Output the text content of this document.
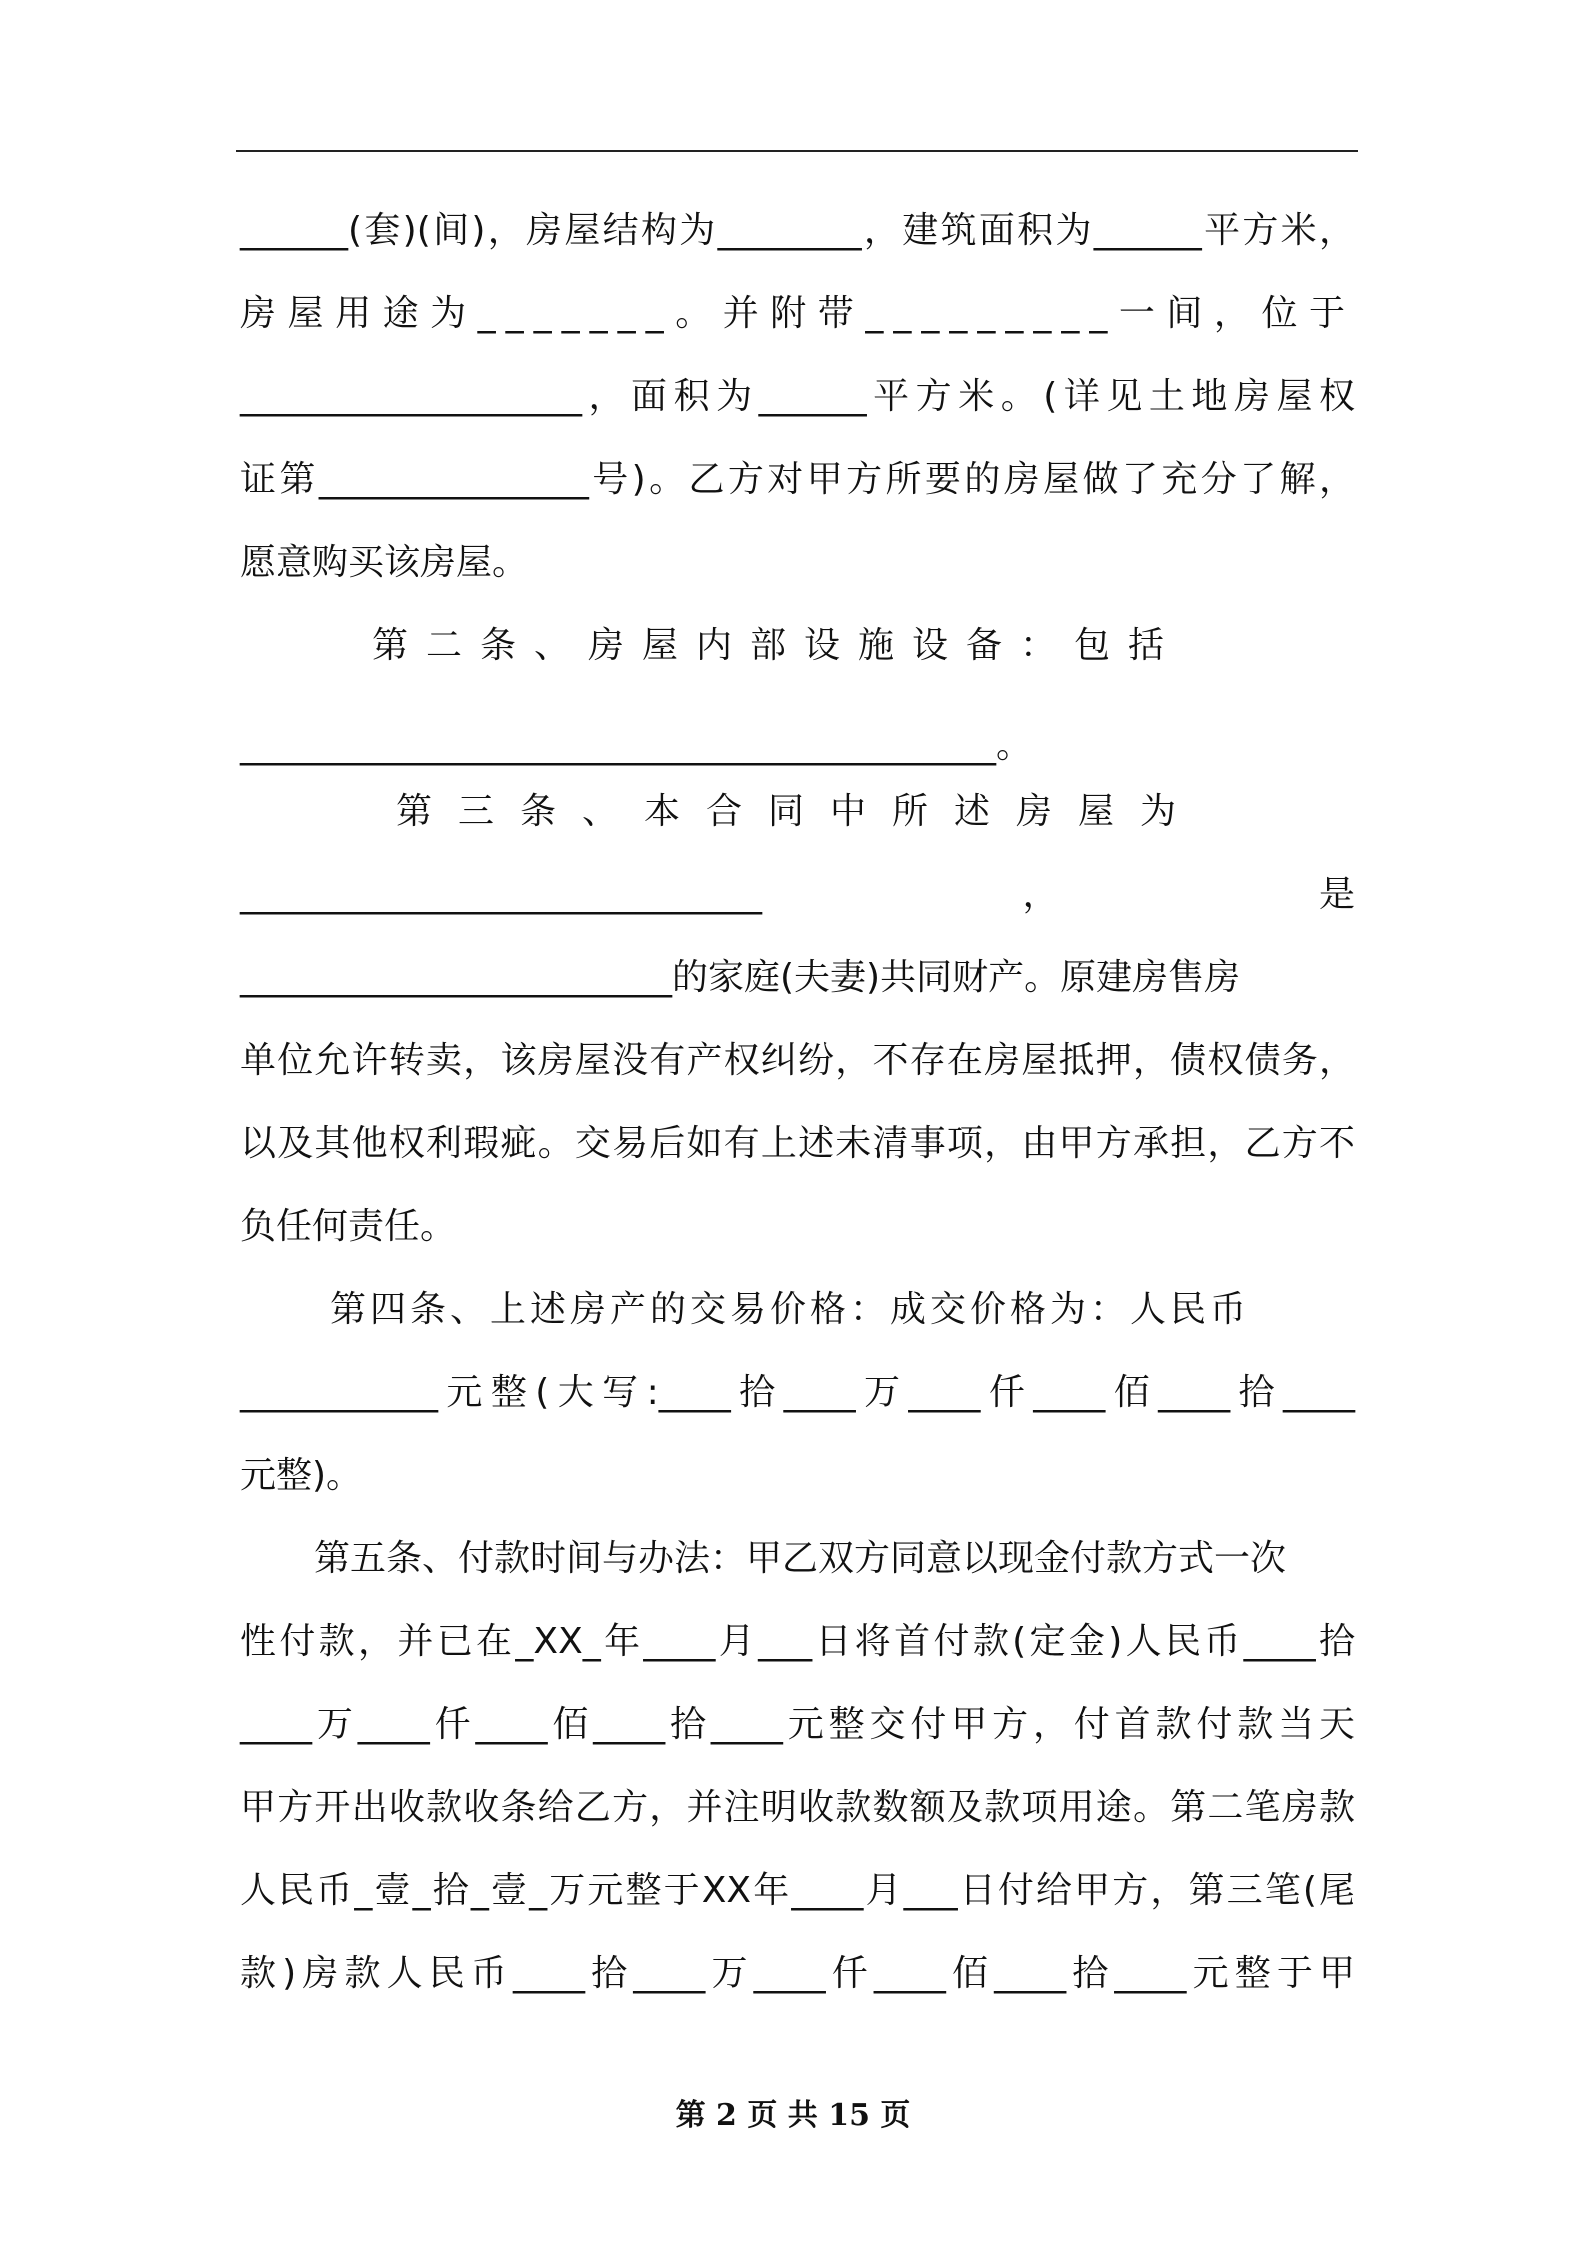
______(套)(间)，房屋结构为________，建筑面积为______平方米，
房屋用途为_______。并附带_________一间，位于
___________________，面积为______平方米。(详见土地房屋权
证第_______________号)。乙方对甲方所要的房屋做了充分了解，
愿意购买该房屋。
第二条、房屋内部设施设备：包括
__________________________________________。
第三条、本合同中所述房屋为
_____________________________，是
________________________的家庭(夫妻)共同财产。原建房售房
单位允许转卖，该房屋没有产权纠纷，不存在房屋抵押，债权债务，
以及其他权利瑕疵。交易后如有上述未清事项，由甲方承担，乙方不
负任何责任。
第四条、上述房产的交易价格：成交价格为：人民币
___________元整(大写:____拾____万____仟____佰____拾____
元整)。
第五条、付款时间与办法：甲乙双方同意以现金付款方式一次
性付款，并已在_XX_年____月___日将首付款(定金)人民币____拾
____万____仟____佰____拾____元整交付甲方，付首款付款当天
甲方开出收款收条给乙方，并注明收款数额及款项用途。第二笔房款
人民币_壹_拾_壹_万元整于XX年____月___日付给甲方，第三笔(尾
款)房款人民币____拾____万____仟____佰____拾____元整于甲
第 2 页 共 15 页
